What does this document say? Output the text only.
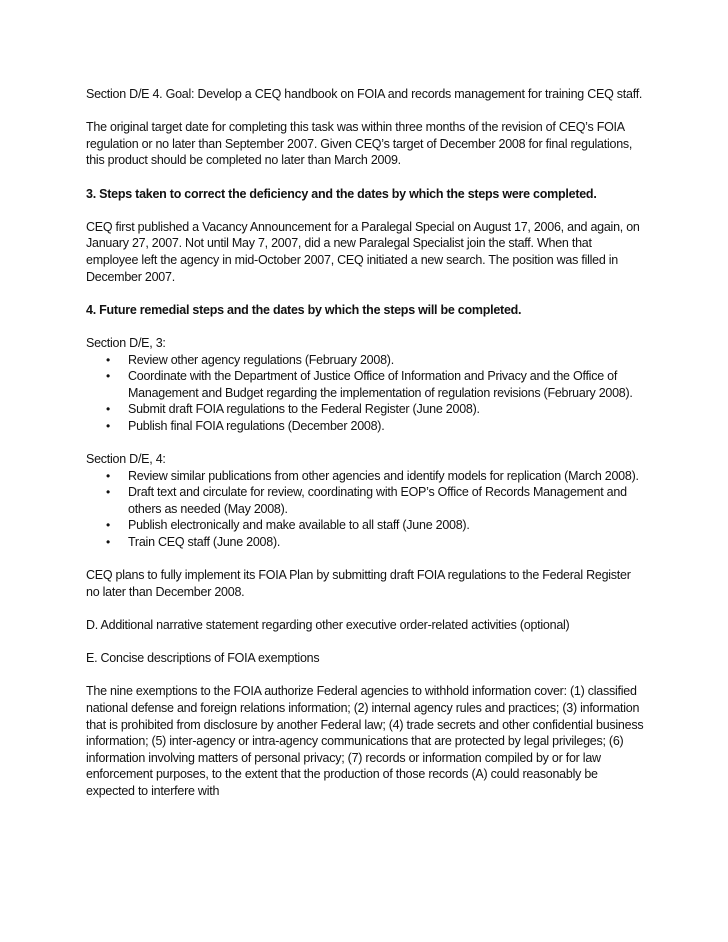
Section D/E 4. Goal: Develop a CEQ handbook on FOIA and records management for training CEQ staff.

The original target date for completing this task was within three months of the revision of CEQ’s FOIA regulation or no later than September 2007. Given CEQ’s target of December 2008 for final regulations, this product should be completed no later than March 2009.

3. Steps taken to correct the deficiency and the dates by which the steps were completed.

CEQ first published a Vacancy Announcement for a Paralegal Special on August 17, 2006, and again, on January 27, 2007. Not until May 7, 2007, did a new Paralegal Specialist join the staff. When that employee left the agency in mid-October 2007, CEQ initiated a new search. The position was filled in December 2007.

4. Future remedial steps and the dates by which the steps will be completed.

Section D/E, 3:

• Review other agency regulations (February 2008).
• Coordinate with the Department of Justice Office of Information and Privacy and the Office of Management and Budget regarding the implementation of regulation revisions (February 2008).
• Submit draft FOIA regulations to the Federal Register (June 2008).
• Publish final FOIA regulations (December 2008).

Section D/E, 4:

• Review similar publications from other agencies and identify models for replication (March 2008).
• Draft text and circulate for review, coordinating with EOP’s Office of Records Management and others as needed (May 2008).
• Publish electronically and make available to all staff (June 2008).
• Train CEQ staff (June 2008).

CEQ plans to fully implement its FOIA Plan by submitting draft FOIA regulations to the Federal Register no later than December 2008.

D. Additional narrative statement regarding other executive order-related activities (optional)

E. Concise descriptions of FOIA exemptions

The nine exemptions to the FOIA authorize Federal agencies to withhold information cover: (1) classified national defense and foreign relations information; (2) internal agency rules and practices; (3) information that is prohibited from disclosure by another Federal law; (4) trade secrets and other confidential business information; (5) inter-agency or intra-agency communications that are protected by legal privileges; (6) information involving matters of personal privacy; (7) records or information compiled by or for law enforcement purposes, to the extent that the production of those records (A) could reasonably be expected to interfere with
